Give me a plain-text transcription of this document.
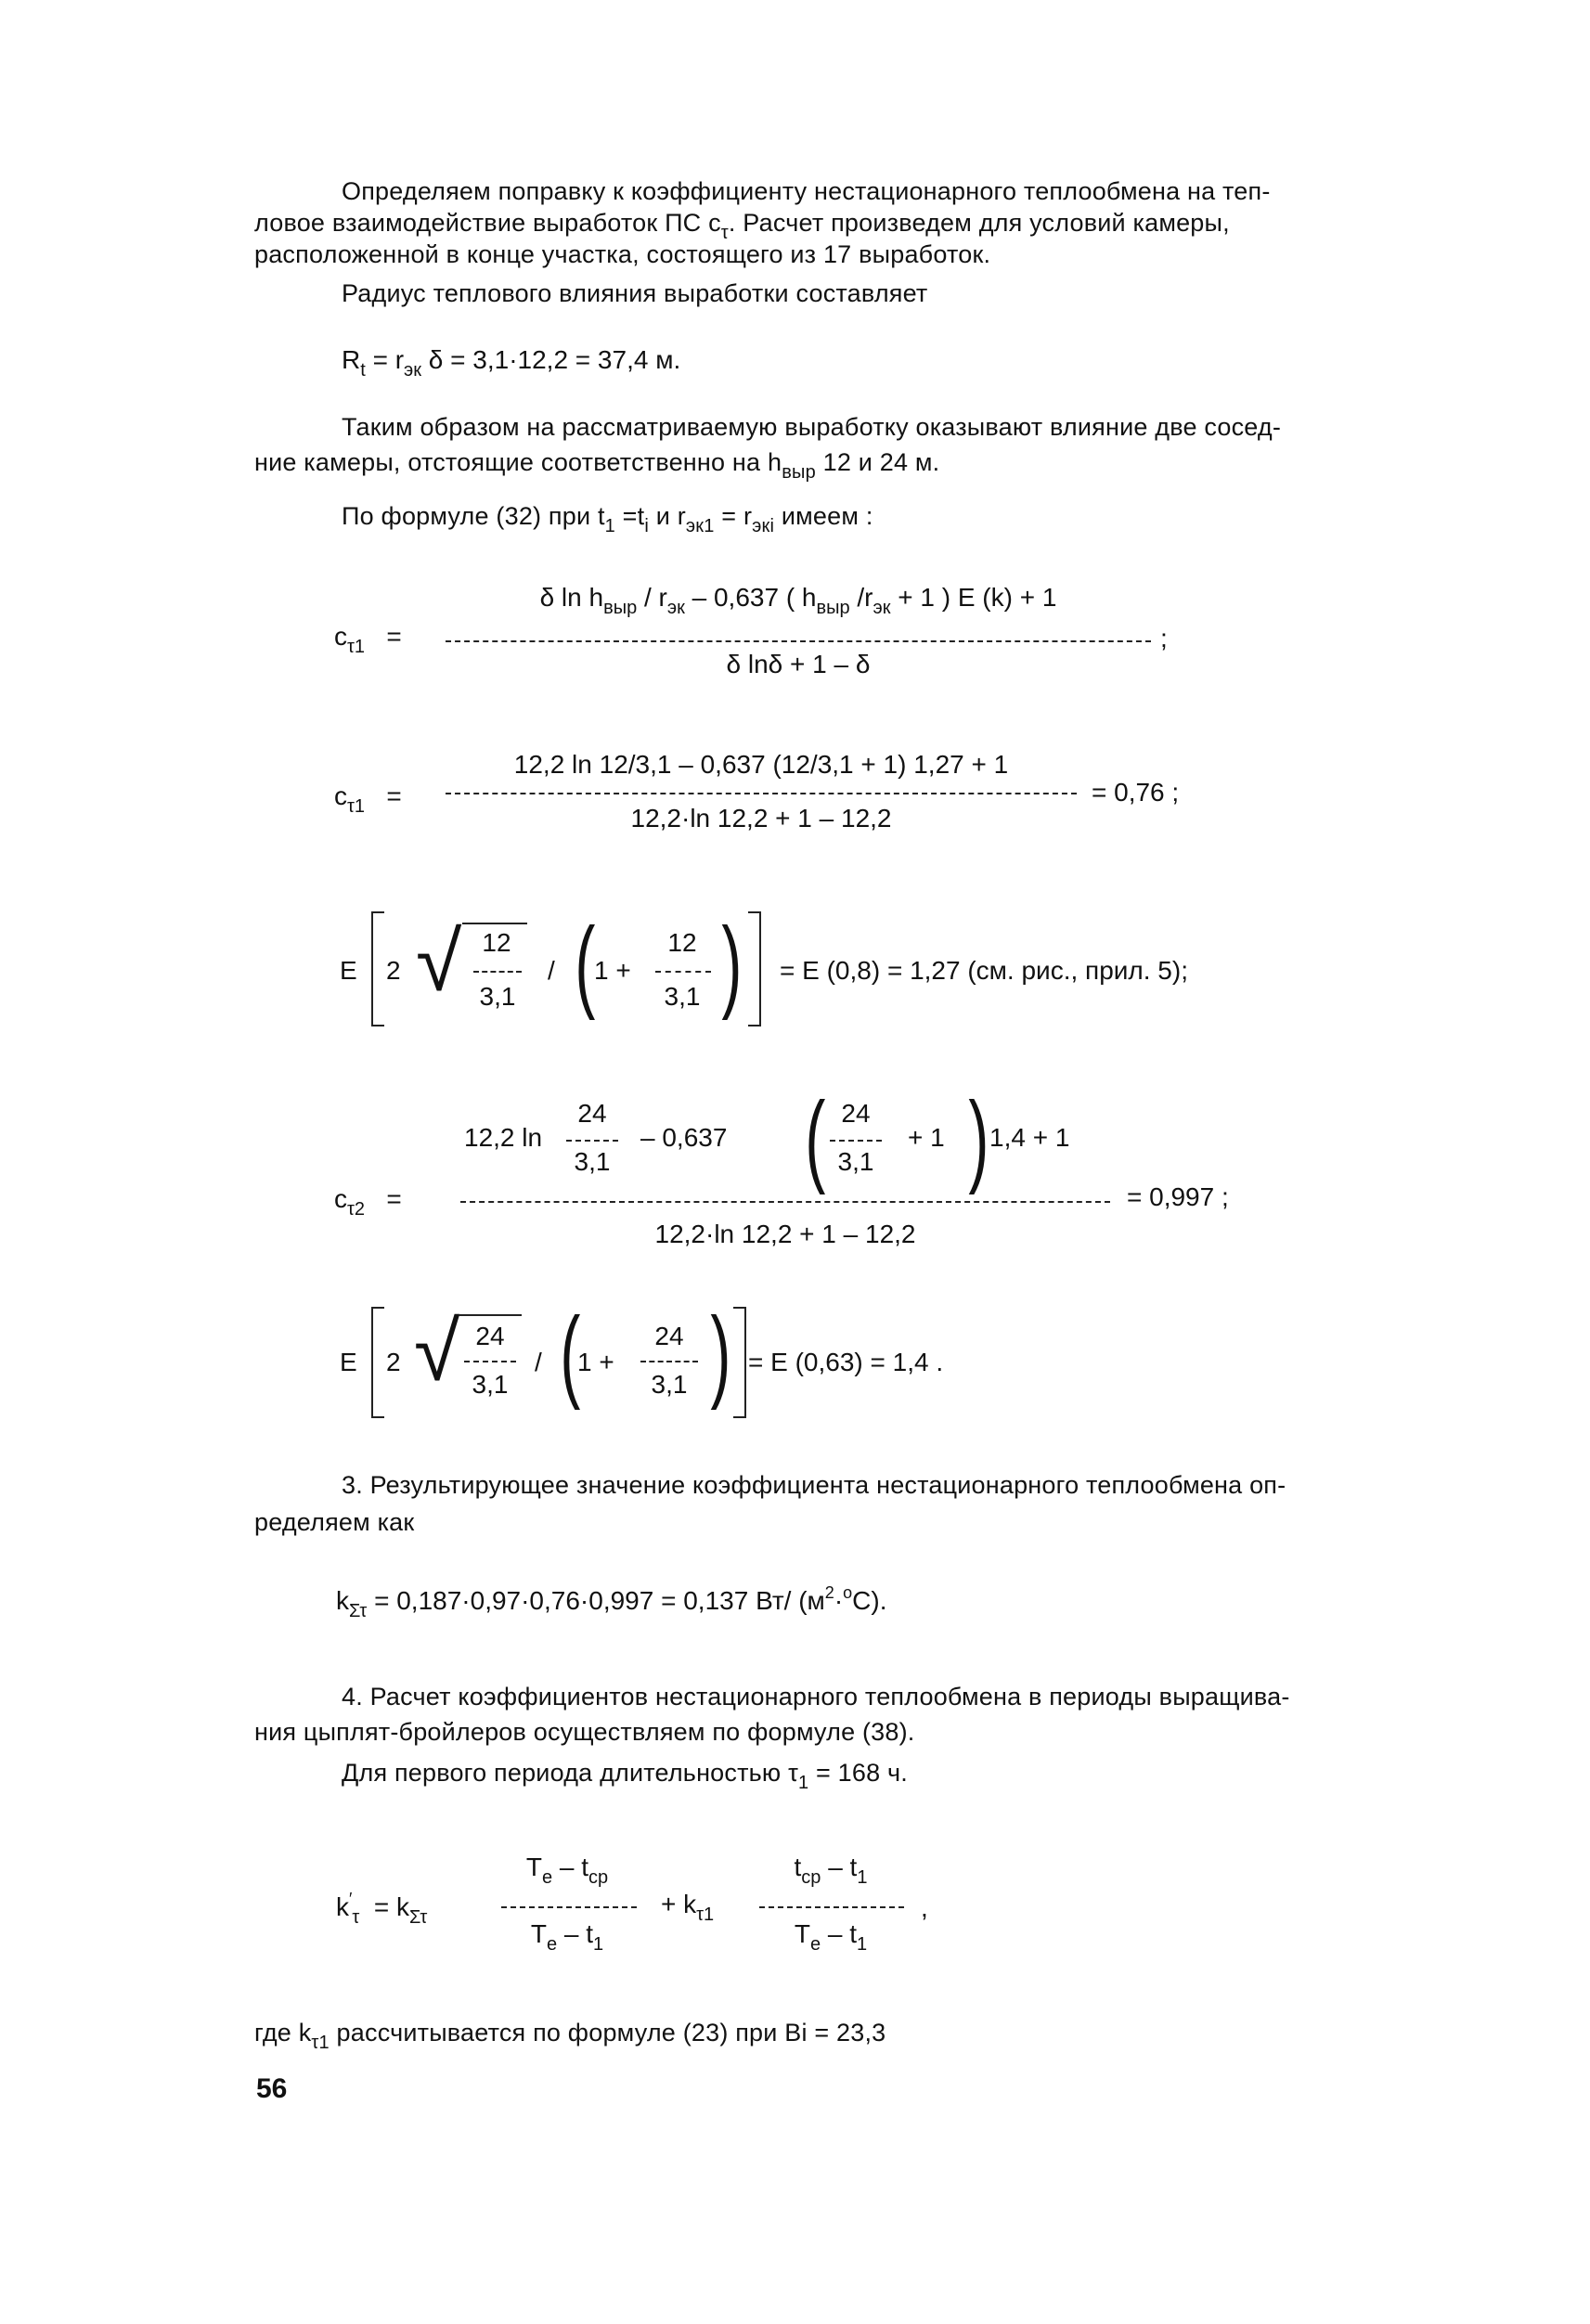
Определяем поправку к коэффициенту нестационарного теплообмена на теп-
ловое взаимодействие выработок ПС $c_\tau$. Расчет произведем для условий камеры,
расположенной в конце участка, состоящего из 17 выработок.
Радиус теплового влияния выработки составляет
$R_t = r_{эк}$ δ = 3,1·12,2 = 37,4 м.
Таким образом на рассматриваемую выработку оказывают влияние две сосед-
ние камеры, отстоящие соответственно на $h_{выр}$ 12 и 24 м.
По формуле (32) при $t_1 =t_i$ и $r_{эк1} = r_{экi}$ имеем :
$c_{\tau 1}$   =
δ $\ln h_{выр} / r_{эк} - 0,637$ ( $h_{выр}$ $/r_{эк} + 1$ ) E (k) + 1
δ lnδ + 1 – δ
;
$c_{\tau 1}$   =
12,2 ln 12/3,1 – 0,637 (12/3,1 + 1) 1,27 + 1
12,2·ln 12,2 + 1 – 12,2
= 0,76 ;
E 2 √ 12
3,1
/ (
1 +
12
3,1 ) = E (0,8) = 1,27 (см. рис., прил. 5);
12,2 ln
24
3,1
– 0,637 ( 24
3,1
+ 1 ) 1,4 + 1
$c_{\tau 2}$   =
12,2·ln 12,2 + 1 – 12,2
= 0,997 ;
E 2 √ 24
3,1
/ (
1 +
24
3,1 ) = E (0,63) = 1,4 .
3. Результирующее значение коэффициента нестационарного теплообмена оп-
ределяем как
$k_{\Sigma\tau} = 0,187\cdot 0,97\cdot 0,76\cdot 0,997 = 0,137$ Вт/ $(м^2\cdot^оC)$.
4. Расчет коэффициентов нестационарного теплообмена в периоды выращива-
ния цыплят-бройлеров осуществляем по формуле (38).
Для первого периода длительностью $\tau_1 = 168$ ч.
$k'_\tau = k_{\Sigma\tau}$
$T_e - t_{cp}$
$T_e - t_1$
+ $k_{\tau 1}$
$t_{cp} - t_1$
$T_e - t_1$
,
где $k_{\tau 1}$ рассчитывается по формуле (23) при Bi = 23,3
56
